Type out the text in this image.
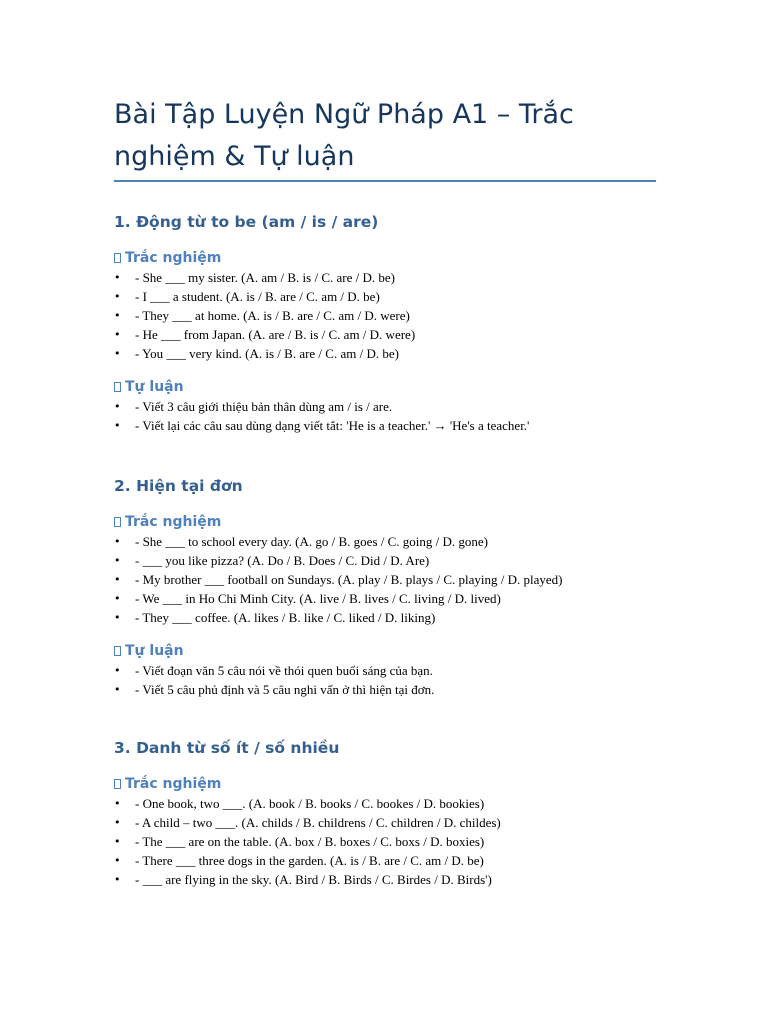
Bài Tập Luyện Ngữ Pháp A1 – Trắc nghiệm & Tự luận
1. Động từ to be (am / is / are)
Trắc nghiệm
• - She ___ my sister. (A. am / B. is / C. are / D. be)
• - I ___ a student. (A. is / B. are / C. am / D. be)
• - They ___ at home. (A. is / B. are / C. am / D. were)
• - He ___ from Japan. (A. are / B. is / C. am / D. were)
• - You ___ very kind. (A. is / B. are / C. am / D. be)
Tự luận
• - Viết 3 câu giới thiệu bản thân dùng am / is / are.
• - Viết lại các câu sau dùng dạng viết tắt: 'He is a teacher.' → 'He's a teacher.'
2. Hiện tại đơn
Trắc nghiệm
• - She ___ to school every day. (A. go / B. goes / C. going / D. gone)
• - ___ you like pizza? (A. Do / B. Does / C. Did / D. Are)
• - My brother ___ football on Sundays. (A. play / B. plays / C. playing / D. played)
• - We ___ in Ho Chi Minh City. (A. live / B. lives / C. living / D. lived)
• - They ___ coffee. (A. likes / B. like / C. liked / D. liking)
Tự luận
• - Viết đoạn văn 5 câu nói về thói quen buổi sáng của bạn.
• - Viết 5 câu phủ định và 5 câu nghi vấn ở thì hiện tại đơn.
3. Danh từ số ít / số nhiều
Trắc nghiệm
• - One book, two ___. (A. book / B. books / C. bookes / D. bookies)
• - A child – two ___. (A. childs / B. childrens / C. children / D. childes)
• - The ___ are on the table. (A. box / B. boxes / C. boxs / D. boxies)
• - There ___ three dogs in the garden. (A. is / B. are / C. am / D. be)
• - ___ are flying in the sky. (A. Bird / B. Birds / C. Birdes / D. Birds')
